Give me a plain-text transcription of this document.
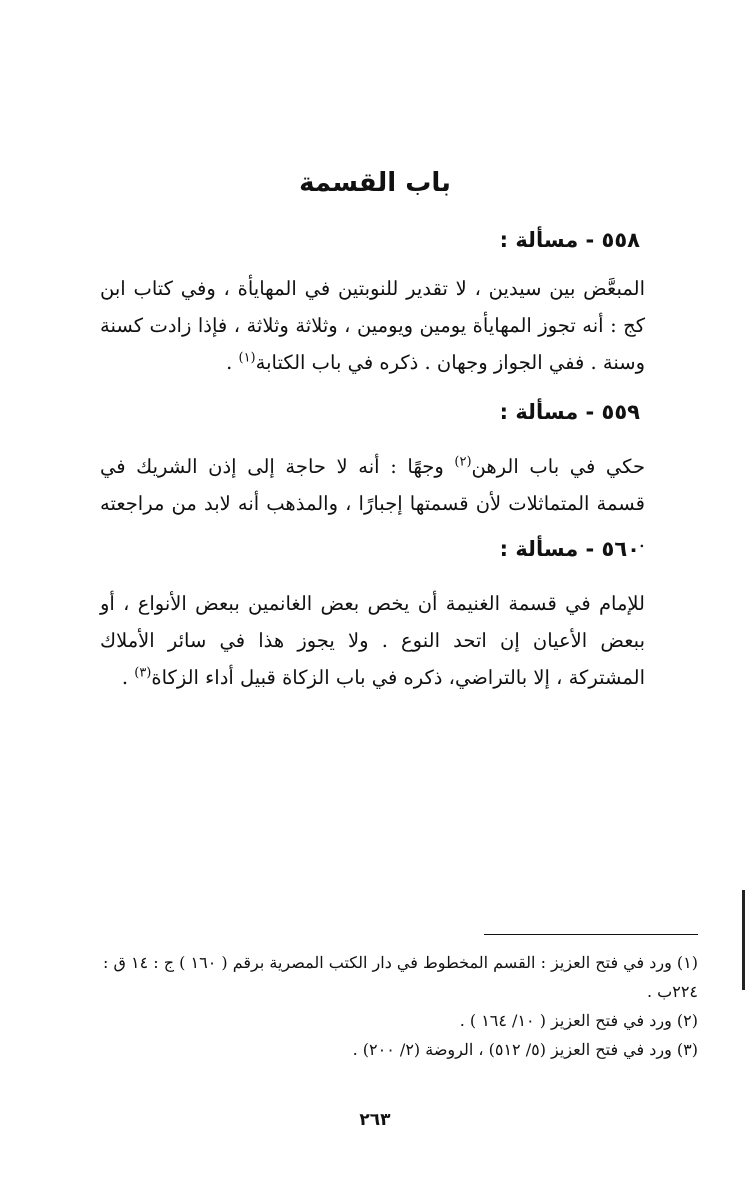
باب القسمة
٥٥٨ - مسألة :

المبعَّض بين سيدين ، لا تقدير للنوبتين في المهايأة ، وفي كتاب ابن كج : أنه تجوز المهايأة يومين ويومين ، وثلاثة وثلاثة ، فإذا زادت كسنة وسنة . ففي الجواز وجهان . ذكره في باب الكتابة$^{(١)}$ .

٥٥٩ - مسألة :

حكي في باب الرهن$^{(٢)}$ وجهًا : أنه لا حاجة إلى إذن الشريك في قسمة المتماثلات لأن قسمتها إجبارًا ، والمذهب أنه لابد من مراجعته .

٥٦٠ - مسألة :

للإمام في قسمة الغنيمة أن يخص بعض الغانمين ببعض الأنواع ، أو ببعض الأعيان إن اتحد النوع . ولا يجوز هذا في سائر الأملاك المشتركة ، إلا بالتراضي، ذكره في باب الزكاة قبيل أداء الزكاة$^{(٣)}$ .

(١) ورد في فتح العزيز : القسم المخطوط في دار الكتب المصرية برقم ( ١٦٠ ) ج : ١٤ ق : ٢٢٤ب .

(٢) ورد في فتح العزيز ( ١٠/ ١٦٤ ) .

(٣) ورد في فتح العزيز (٥/ ٥١٢) ، الروضة (٢/ ٢٠٠) .

٢٦٣
